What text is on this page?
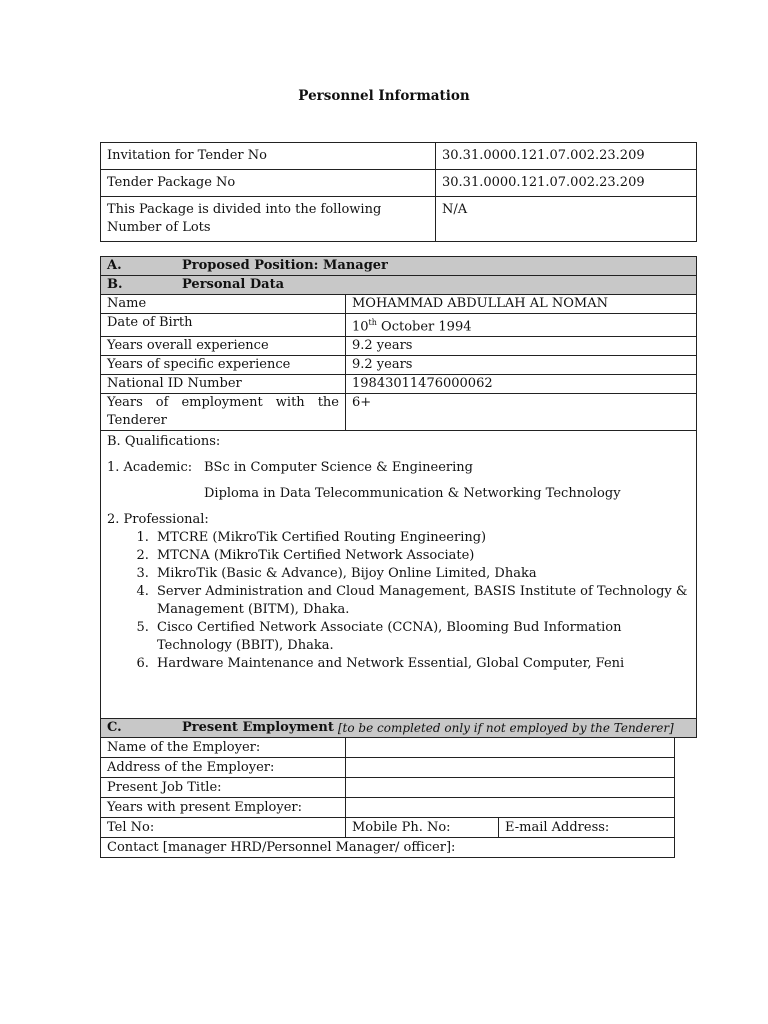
Personnel Information
Invitation for Tender No	30.31.0000.121.07.002.23.209
Tender Package No	30.31.0000.121.07.002.23.209
This Package is divided into the following Number of Lots	N/A
A.	Proposed Position: Manager
B.	Personal Data
Name	MOHAMMAD ABDULLAH AL NOMAN
Date of Birth	10th October 1994
Years overall experience	9.2 years
Years of specific experience	9.2 years
National ID Number	19843011476000062

Years of employment with the
Tenderer	6+
B. Qualifications:
1. Academic: BSc in Computer Science & Engineering
Diploma in Data Telecommunication & Networking Technology
2. Professional:
1. MTCRE (MikroTik Certified Routing Engineering)
2. MTCNA (MikroTik Certified Network Associate)
3. MikroTik (Basic & Advance), Bijoy Online Limited, Dhaka
4. Server Administration and Cloud Management, BASIS Institute of Technology & Management (BITM), Dhaka.
5. Cisco Certified Network Associate (CCNA), Blooming Bud Information Technology (BBIT), Dhaka.
6. Hardware Maintenance and Network Essential, Global Computer, Feni
C.	Present Employment [to be completed only if not employed by the Tenderer]
Name of the Employer:		
Address of the Employer:		
Present Job Title:		
Years with present Employer:		
Tel No:	Mobile Ph. No:	E-mail Address:
Contact [manager HRD/Personnel Manager/ officer]:		
